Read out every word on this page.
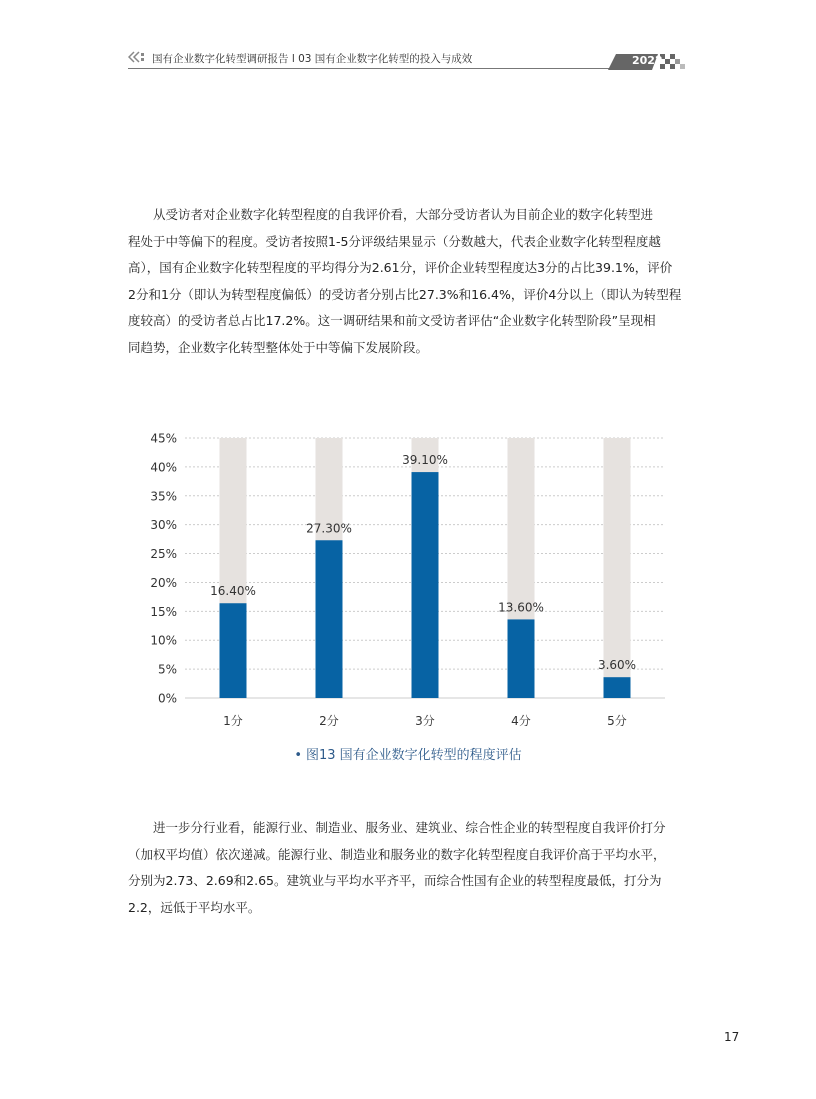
国有企业数字化转型调研报告 l 03 国有企业数字化转型的投入与成效	2022
从受访者对企业数字化转型程度的自我评价看，大部分受访者认为目前企业的数字化转型进
程处于中等偏下的程度。受访者按照1-5分评级结果显示（分数越大，代表企业数字化转型程度越
高），国有企业数字化转型程度的平均得分为2.61分，评价企业转型程度达3分的占比39.1%，评价
2分和1分（即认为转型程度偏低）的受访者分别占比27.3%和16.4%，评价4分以上（即认为转型程
度较高）的受访者总占比17.2%。这一调研结果和前文受访者评估“企业数字化转型阶段”呈现相
同趋势，企业数字化转型整体处于中等偏下发展阶段。
0%
5%
10%
15%
20%
25%
30%
35%
40%
45%
16.40%
1分
27.30%
2分
39.10%
3分
13.60%
4分
3.60%
5分
• 图13 国有企业数字化转型的程度评估
进一步分行业看，能源行业、制造业、服务业、建筑业、综合性企业的转型程度自我评价打分
（加权平均值）依次递减。能源行业、制造业和服务业的数字化转型程度自我评价高于平均水平，
分别为2.73、2.69和2.65。建筑业与平均水平齐平，而综合性国有企业的转型程度最低，打分为
2.2，远低于平均水平。
17
